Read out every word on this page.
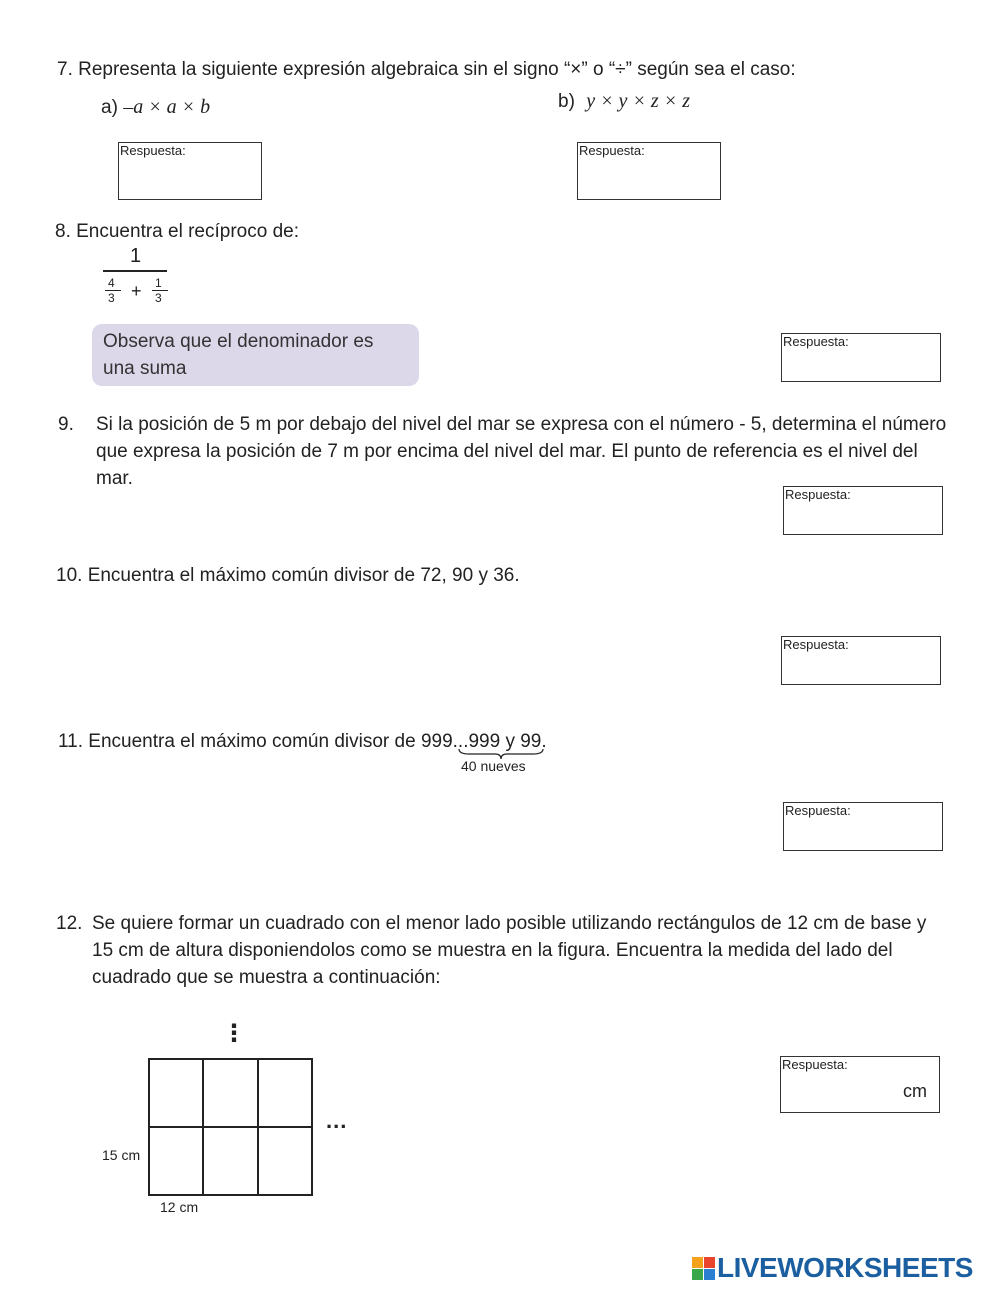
7. Representa la siguiente expresión algebraica sin el signo “×” o “÷” según sea el caso:
a) –a × a × b	b) y × y × z × z
Respuesta:	Respuesta:
8. Encuentra el recíproco de:
1
4
3 + 1
3
Observa que el denominador es una suma
Respuesta:
9. Si la posición de 5 m por debajo del nivel del mar se expresa con el número - 5, determina el número que expresa la posición de 7 m por encima del nivel del mar. El punto de referencia es el nivel del mar.
Respuesta:
10. Encuentra el máximo común divisor de 72, 90 y 36.
Respuesta:
11. Encuentra el máximo común divisor de 999...999 y 99.
40 nueves
Respuesta:
12. Se quiere formar un cuadrado con el menor lado posible utilizando rectángulos de 12 cm de base y 15 cm de altura disponiendolos como se muestra en la figura. Encuentra la medida del lado del cuadrado que se muestra a continuación:
⋮
...
15 cm
12 cm
Respuesta:
cm
LIVEWORKSHEETS
